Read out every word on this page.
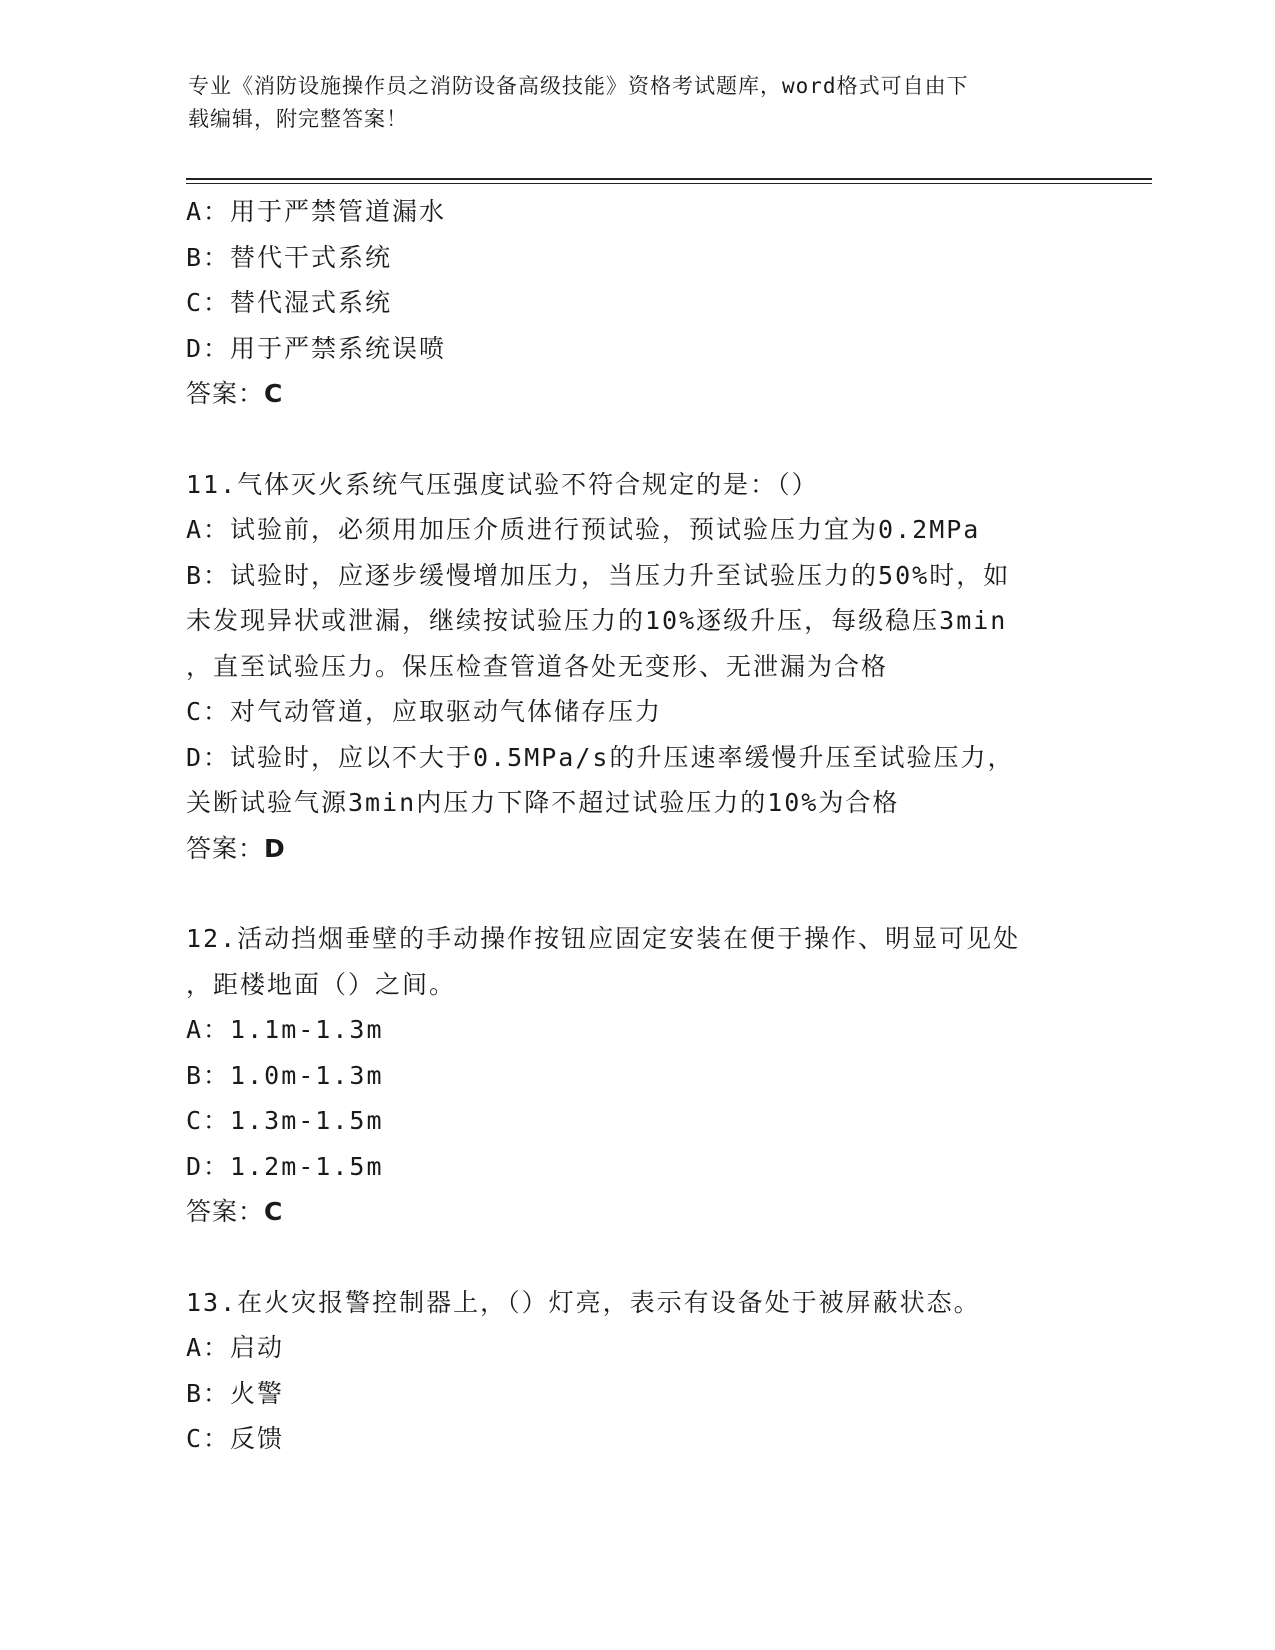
专业《消防设施操作员之消防设备高级技能》资格考试题库，word格式可自由下
载编辑，附完整答案！
A：用于严禁管道漏水
B：替代干式系统
C：替代湿式系统
D：用于严禁系统误喷
答案：C
11.气体灭火系统气压强度试验不符合规定的是：（）
A：试验前，必须用加压介质进行预试验，预试验压力宜为0.2MPa
B：试验时，应逐步缓慢增加压力，当压力升至试验压力的50%时，如
未发现异状或泄漏，继续按试验压力的10%逐级升压，每级稳压3min
，直至试验压力。保压检查管道各处无变形、无泄漏为合格
C：对气动管道，应取驱动气体储存压力
D：试验时，应以不大于0.5MPa/s的升压速率缓慢升压至试验压力，
关断试验气源3min内压力下降不超过试验压力的10%为合格
答案：D
12.活动挡烟垂壁的手动操作按钮应固定安装在便于操作、明显可见处
，距楼地面（）之间。
A：1.1m-1.3m
B：1.0m-1.3m
C：1.3m-1.5m
D：1.2m-1.5m
答案：C
13.在火灾报警控制器上，（）灯亮，表示有设备处于被屏蔽状态。
A：启动
B：火警
C：反馈
